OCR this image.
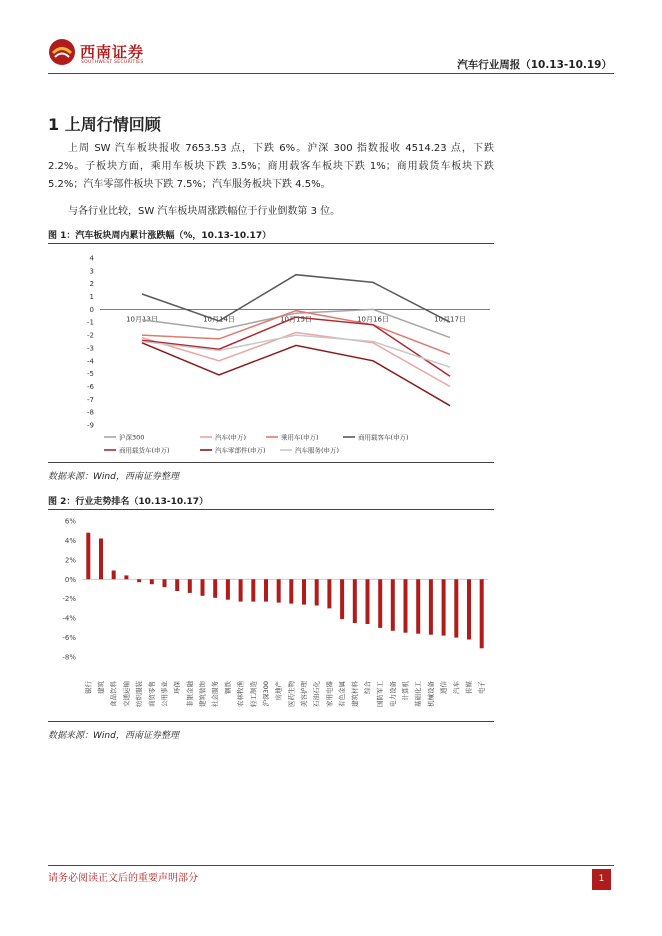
西南证券
SOUTHWEST SECURITIES	汽车行业周报（10.13-10.19）
1 上周行情回顾
上周 SW 汽车板块报收 7653.53 点，下跌 6%。沪深 300 指数报收 4514.23 点，下跌 2.2%。子板块方面，乘用车板块下跌 3.5%；商用载客车板块下跌 1%；商用载货车板块下跌 5.2%；汽车零部件板块下跌 7.5%；汽车服务板块下跌 4.5%。
与各行业比较，SW 汽车板块周涨跌幅位于行业倒数第 3 位。
图 1：汽车板块周内累计涨跌幅（%，10.13-10.17）
4
3
2
1
0
-1
-2
-3
-4
-5
-6
-7
-8
-9
10月13日	10月14日	10月15日	10月16日	10月17日
沪深300	汽车(申万)	乘用车(申万)	商用载客车(申万)
商用载货车(申万)	汽车零部件(申万)	汽车服务(申万)
数据来源：Wind，西南证券整理
图 2：行业走势排名（10.13-10.17）
6%
4%
2%
0%
-2%
-4%
-6%
-8%
银行 建筑 食品饮料 交通运输 纺织服装 商贸零售 公用事业 环保 非银金融 建筑装饰 社会服务 钢铁 农林牧渔 轻工制造 沪深300 房地产 医药生物 美容护理 石油石化 家用电器 有色金属 建筑材料 综合 国防军工 电力设备 计算机 基础化工 机械设备 通信 汽车 传媒 电子
数据来源：Wind，西南证券整理
请务必阅读正文后的重要声明部分	1
